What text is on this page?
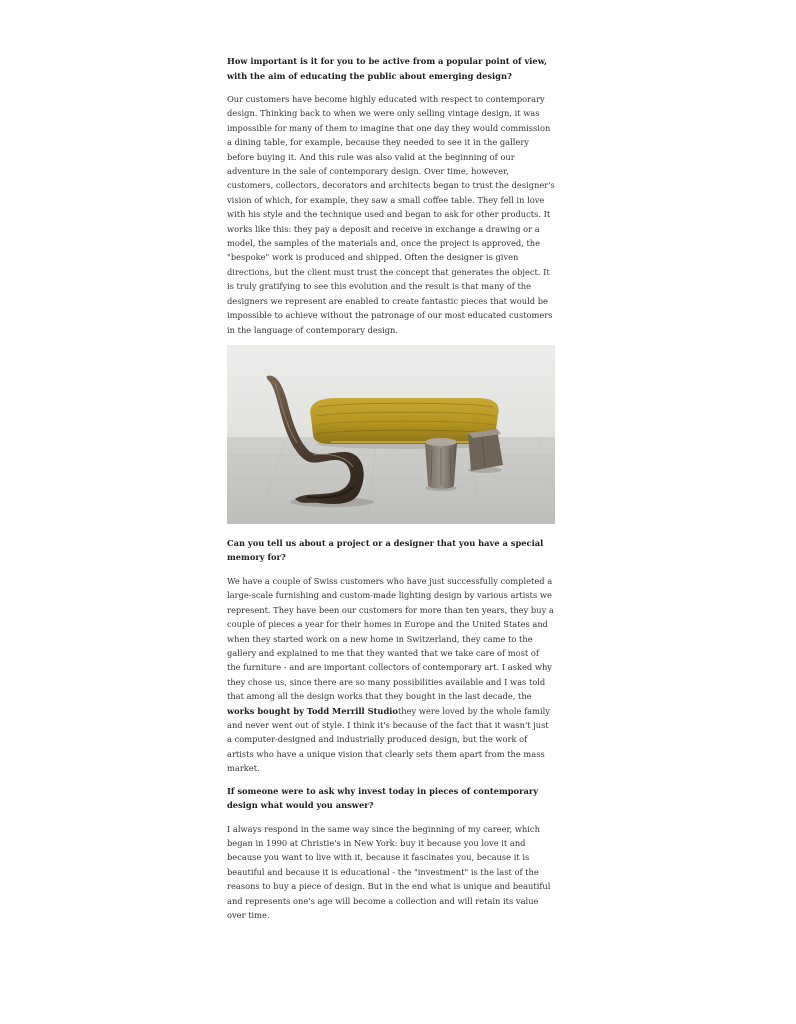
How important is it for you to be active from a popular point of view, with the aim of educating the public about emerging design?

Our customers have become highly educated with respect to contemporary design. Thinking back to when we were only selling vintage design, it was impossible for many of them to imagine that one day they would commission a dining table, for example, because they needed to see it in the gallery before buying it. And this rule was also valid at the beginning of our adventure in the sale of contemporary design. Over time, however, customers, collectors, decorators and architects began to trust the designer's vision of which, for example, they saw a small coffee table. They fell in love with his style and the technique used and began to ask for other products. It works like this: they pay a deposit and receive in exchange a drawing or a model, the samples of the materials and, once the project is approved, the "bespoke" work is produced and shipped. Often the designer is given directions, but the client must trust the concept that generates the object. It is truly gratifying to see this evolution and the result is that many of the designers we represent are enabled to create fantastic pieces that would be impossible to achieve without the patronage of our most educated customers in the language of contemporary design.

Can you tell us about a project or a designer that you have a special memory for?

We have a couple of Swiss customers who have just successfully completed a large-scale furnishing and custom-made lighting design by various artists we represent. They have been our customers for more than ten years, they buy a couple of pieces a year for their homes in Europe and the United States and when they started work on a new home in Switzerland, they came to the gallery and explained to me that they wanted that we take care of most of the furniture - and are important collectors of contemporary art. I asked why they chose us, since there are so many possibilities available and I was told that among all the design works that they bought in the last decade, the works bought by Todd Merrill Studiothey were loved by the whole family and never went out of style. I think it's because of the fact that it wasn't just a computer-designed and industrially produced design, but the work of artists who have a unique vision that clearly sets them apart from the mass market.

If someone were to ask why invest today in pieces of contemporary design what would you answer?

I always respond in the same way since the beginning of my career, which began in 1990 at Christie's in New York: buy it because you love it and because you want to live with it, because it fascinates you, because it is beautiful and because it is educational - the "investment" is the last of the reasons to buy a piece of design. But in the end what is unique and beautiful and represents one's age will become a collection and will retain its value over time.
